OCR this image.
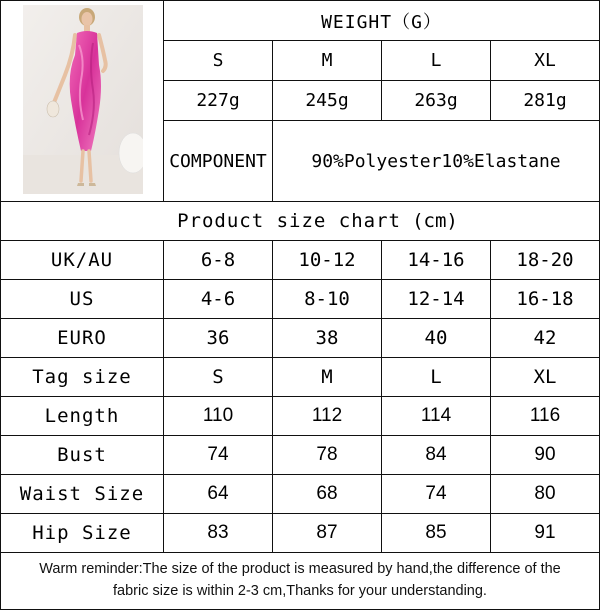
WEIGHT（G）
S	M	L	XL
227g	245g	263g	281g
COMPONENT	90%Polyester10%Elastane
Product size chart (cm)
UK/AU	6-8	10-12	14-16	18-20
US	4-6	8-10	12-14	16-18
EURO	36	38	40	42
Tag size	S	M	L	XL
Length	110	112	114	116
Bust	74	78	84	90
Waist Size	64	68	74	80
Hip Size	83	87	85	91
Warm reminder:The size of the product is measured by hand,the difference of the
fabric size is within 2-3 cm,Thanks for your understanding.
